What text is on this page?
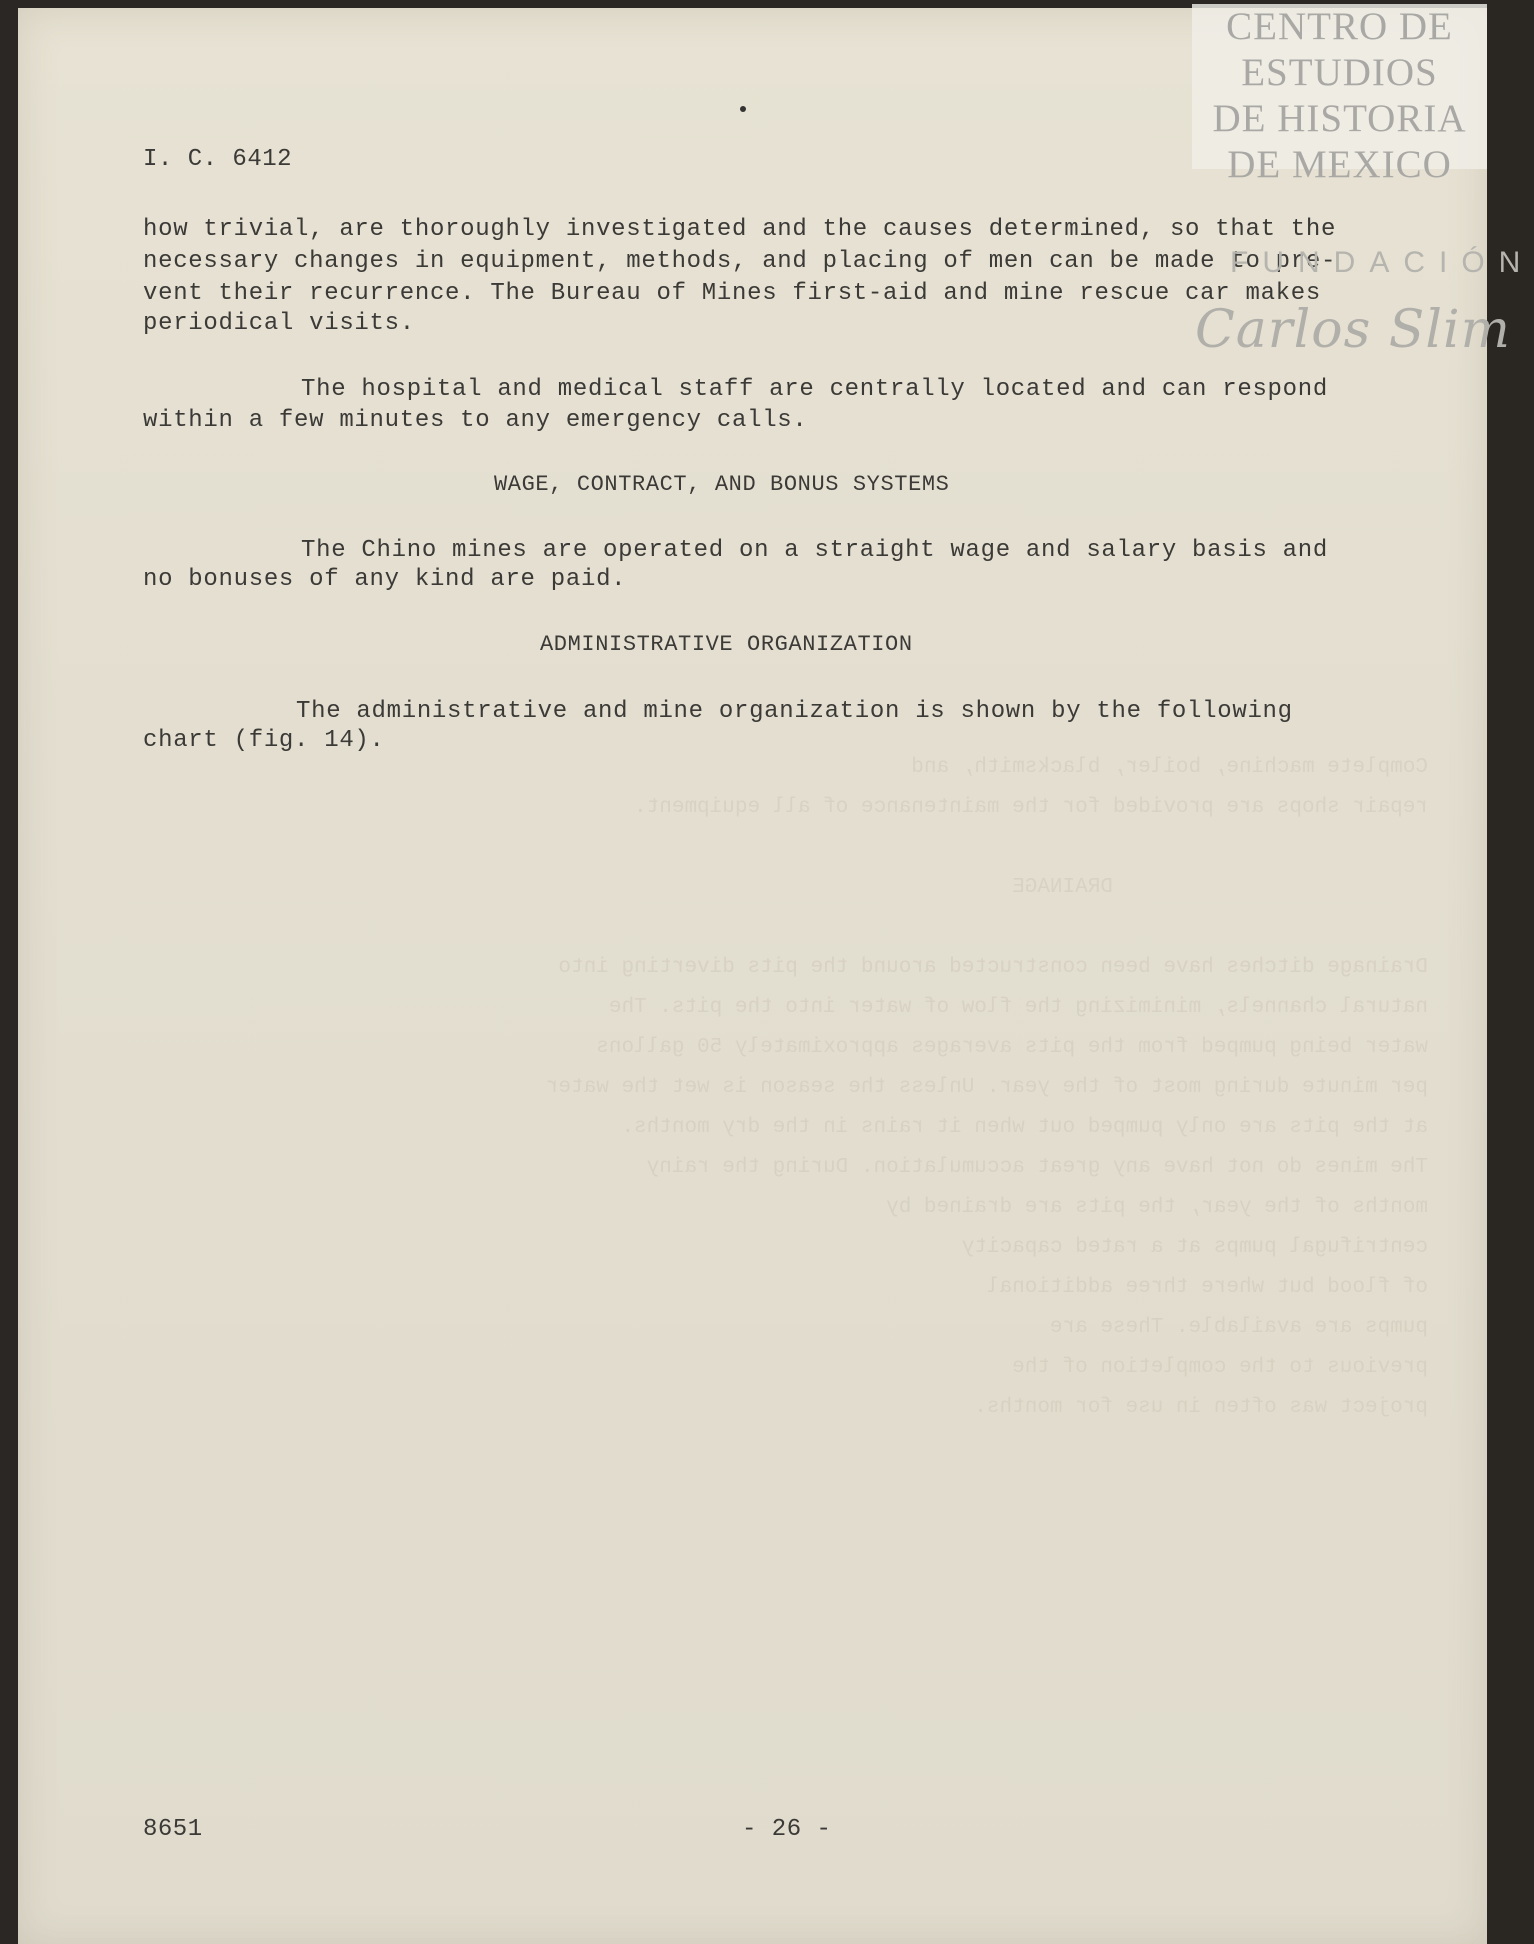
Complete machine, boiler, blacksmith, and
repair shops are provided for the maintenance of all equipment.

DRAINAGE

Drainage ditches have been constructed around the pits diverting into
natural channels, minimizing the flow of water into the pits. The
water being pumped from the pits averages approximately 50 gallons
per minute during most of the year. Unless the season is wet the water
at the pits are only pumped out when it rains in the dry months.
The mines do not have any great accumulation. During the rainy
months of the year, the pits are drained by
centrifugal pumps at a rated capacity
of flood but where three additional
pumps are available. These are
previous to the completion of the
project was often in use for months.

I. C. 6412
how trivial, are thoroughly investigated and the causes determined, so that the
necessary changes in equipment, methods, and placing of men can be made to pre-
vent their recurrence. The Bureau of Mines first-aid and mine rescue car makes
periodical visits.
The hospital and medical staff are centrally located and can respond
within a few minutes to any emergency calls.
WAGE, CONTRACT, AND BONUS SYSTEMS
The Chino mines are operated on a straight wage and salary basis and
no bonuses of any kind are paid.
ADMINISTRATIVE ORGANIZATION
The administrative and mine organization is shown by the following
chart (fig. 14).
8651	- 26 -
CENTRO DE
ESTUDIOS
DE HISTORIA
DE MEXICO
FUNDACIÓN
Carlos Slim
